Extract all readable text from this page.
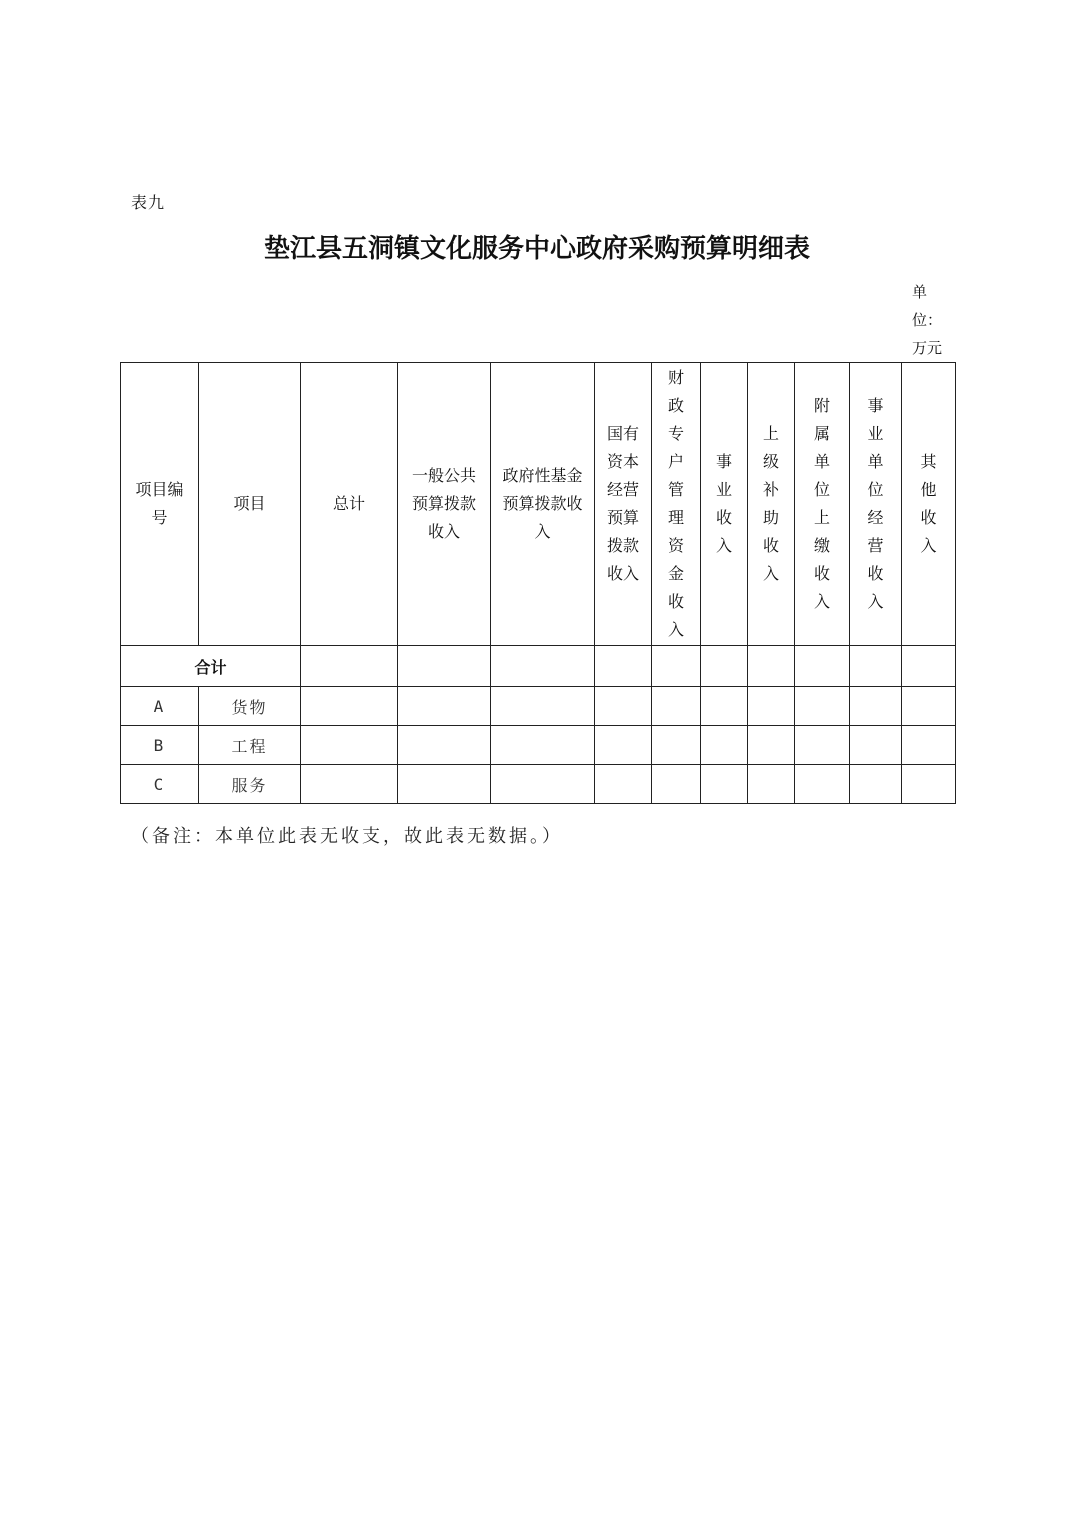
表九
垫江县五洞镇文化服务中心政府采购预算明细表
单位：万元
项目编号	项目	总计	一般公共预算拨款收入	政府性基金预算拨款收入	国有资本经营预算拨款收入	财政专户管理资金收入	事业收入	上级补助收入	附属单位上缴收入	事业单位经营收入	其他收入
合计											
A	货物										
B	工程										
C	服务										
（备注：本单位此表无收支，故此表无数据。）
